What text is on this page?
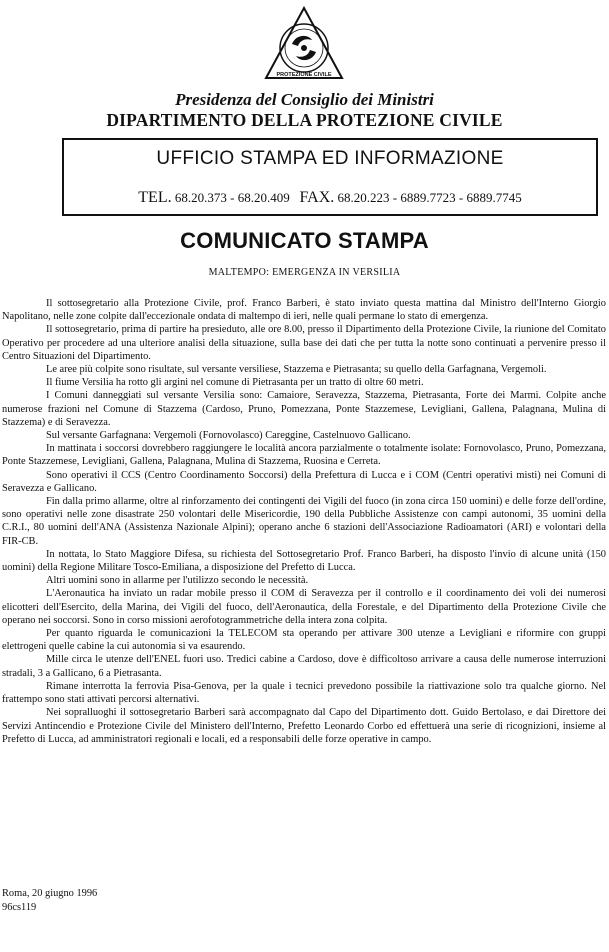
PROTEZIONE CIVILE
Presidenza del Consiglio dei Ministri
DIPARTIMENTO DELLA PROTEZIONE CIVILE
UFFICIO STAMPA ED INFORMAZIONE
TEL. 68.20.373 - 68.20.409 FAX. 68.20.223 - 6889.7723 - 6889.7745
COMUNICATO STAMPA
MALTEMPO: EMERGENZA IN VERSILIA

Il sottosegretario alla Protezione Civile, prof. Franco Barberi, è stato inviato questa mattina dal Ministro dell'Interno Giorgio Napolitano, nelle zone colpite dall'eccezionale ondata di maltempo di ieri, nelle quali permane lo stato di emergenza.

Il sottosegretario, prima di partire ha presieduto, alle ore 8.00, presso il Dipartimento della Protezione Civile, la riunione del Comitato Operativo per procedere ad una ulteriore analisi della situazione, sulla base dei dati che per tutta la notte sono continuati a pervenire presso il Centro Situazioni del Dipartimento.

Le aree più colpite sono risultate, sul versante versiliese, Stazzema e Pietrasanta; su quello della Garfagnana, Vergemoli.

Il fiume Versilia ha rotto gli argini nel comune di Pietrasanta per un tratto di oltre 60 metri.

I Comuni danneggiati sul versante Versilia sono: Camaiore, Seravezza, Stazzema, Pietrasanta, Forte dei Marmi. Colpite anche numerose frazioni nel Comune di Stazzema (Cardoso, Pruno, Pomezzana, Ponte Stazzemese, Levigliani, Gallena, Palagnana, Mulina di Stazzema) e di Seravezza.

Sul versante Garfagnana: Vergemoli (Fornovolasco) Careggine, Castelnuovo Gallicano.

In mattinata i soccorsi dovrebbero raggiungere le località ancora parzialmente o totalmente isolate: Fornovolasco, Pruno, Pomezzana, Ponte Stazzemese, Levigliani, Gallena, Palagnana, Mulina di Stazzema, Ruosina e Cerreta.

Sono operativi il CCS (Centro Coordinamento Soccorsi) della Prefettura di Lucca e i COM (Centri operativi misti) nei Comuni di Seravezza e Gallicano.

Fin dalla primo allarme, oltre al rinforzamento dei contingenti dei Vigili del fuoco (in zona circa 150 uomini) e delle forze dell'ordine, sono operativi nelle zone disastrate 250 volontari delle Misericordie, 190 della Pubbliche Assistenze con campi autonomi, 35 uomini della C.R.I., 80 uomini dell'ANA (Assistenza Nazionale Alpini); operano anche 6 stazioni dell'Associazione Radioamatori (ARI) e volontari della FIR-CB.

In nottata, lo Stato Maggiore Difesa, su richiesta del Sottosegretario Prof. Franco Barberi, ha disposto l'invio di alcune unità (150 uomini) della Regione Militare Tosco-Emiliana, a disposizione del Prefetto di Lucca.

Altri uomini sono in allarme per l'utilizzo secondo le necessità.

L'Aeronautica ha inviato un radar mobile presso il COM di Seravezza per il controllo e il coordinamento dei voli dei numerosi elicotteri dell'Esercito, della Marina, dei Vigili del fuoco, dell'Aeronautica, della Forestale, e del Dipartimento della Protezione Civile che operano nei soccorsi. Sono in corso missioni aerofotogrammetriche della intera zona colpita.

Per quanto riguarda le comunicazioni la TELECOM sta operando per attivare 300 utenze a Levigliani e riformire con gruppi elettrogeni quelle cabine la cui autonomia si va esaurendo.

Mille circa le utenze dell'ENEL fuori uso. Tredici cabine a Cardoso, dove è difficoltoso arrivare a causa delle numerose interruzioni stradali, 3 a Gallicano, 6 a Pietrasanta.

Rimane interrotta la ferrovia Pisa-Genova, per la quale i tecnici prevedono possibile la riattivazione solo tra qualche giorno. Nel frattempo sono stati attivati percorsi alternativi.

Nei sopralluoghi il sottosegretario Barberi sarà accompagnato dal Capo del Dipartimento dott. Guido Bertolaso, e dai Direttore dei Servizi Antincendio e Protezione Civile del Ministero dell'Interno, Prefetto Leonardo Corbo ed effettuerà una serie di ricognizioni, insieme al Prefetto di Lucca, ad amministratori regionali e locali, ed a responsabili delle forze operative in campo.

Roma, 20 giugno 1996
96cs119
